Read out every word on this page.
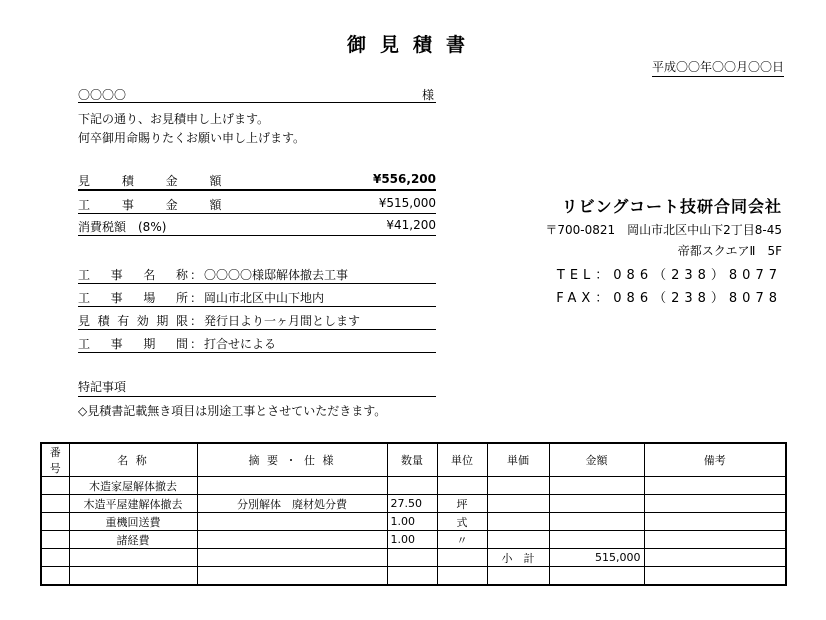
御見積書
平成〇〇年〇〇月〇〇日
〇〇〇〇	様
下記の通り、お見積申し上げます。
何卒御用命賜りたくお願い申し上げます。
見 積 金 額	¥556,200
工 事 金 額	¥515,000
消費税額　(8%)	¥41,200
工 事 名 称 ： 〇〇〇〇様邸解体撤去工事
工 事 場 所 ： 岡山市北区中山下地内
見 積 有 効 期 限 ： 発行日より一ヶ月間とします
工 事 期 間 ： 打合せによる
リビングコート技研合同会社
〒700-0821　岡山市北区中山下2丁目8-45
帝都スクエアⅡ　5F
TEL：086（238）8077
FAX：086（238）8078
特記事項
◇見積書記載無き項目は別途工事とさせていただきます。
番号	名 称	摘 要 ・ 仕 様	数量	単位	単価	金額	備考
	木造家屋解体撤去						
	木造平屋建解体撤去	分別解体　廃材処分費	27.50	坪			
	重機回送費		1.00	式			
	諸経費		1.00	〃			
					小　計	515,000	
